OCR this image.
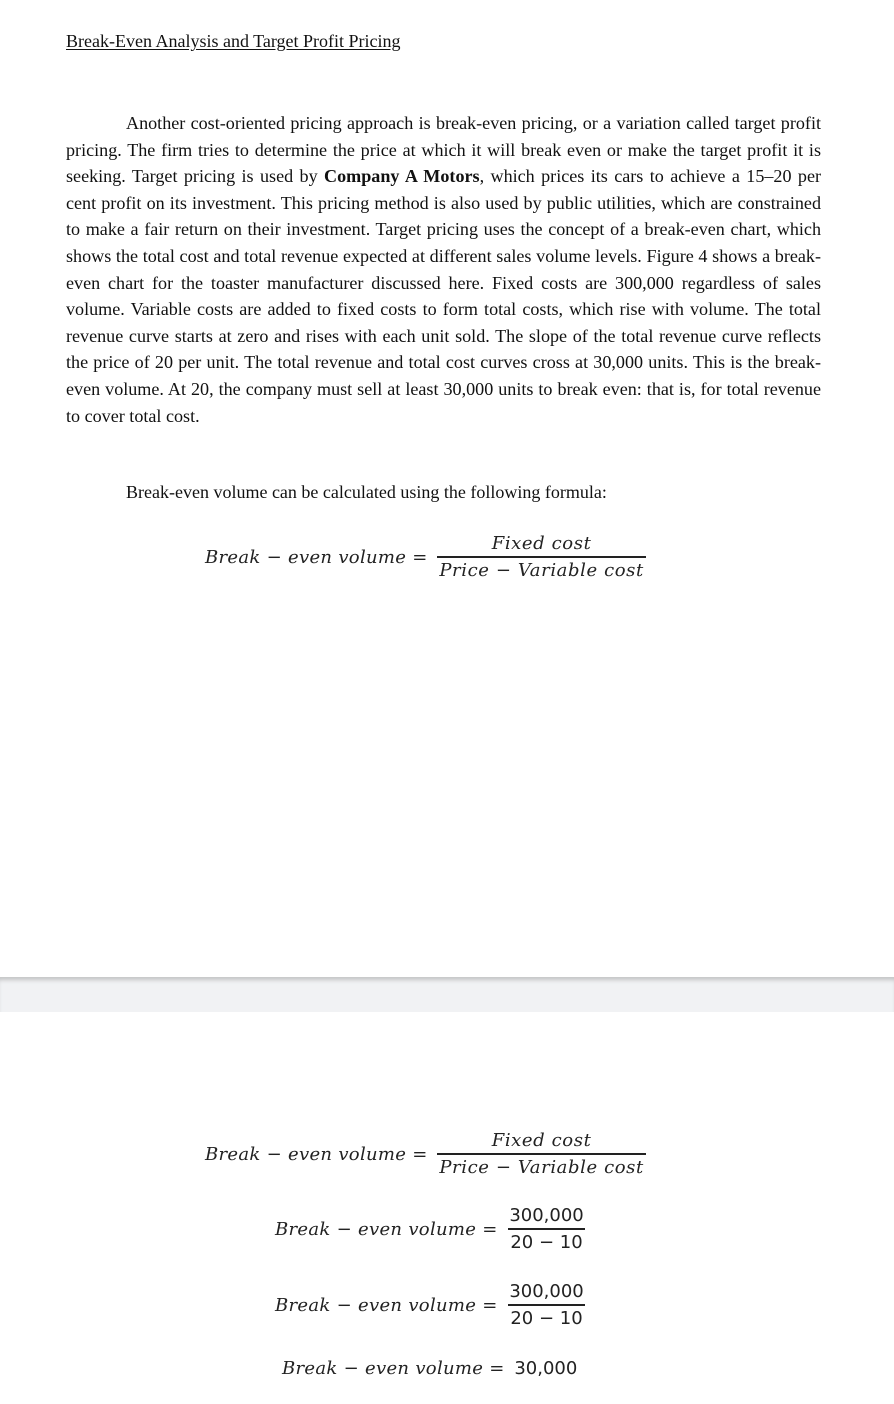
Break-Even Analysis and Target Profit Pricing

Another cost-oriented pricing approach is break-even pricing, or a variation called target profit pricing. The firm tries to determine the price at which it will break even or make the target profit it is seeking. Target pricing is used by Company A Motors, which prices its cars to achieve a 15–20 per cent profit on its investment. This pricing method is also used by public utilities, which are constrained to make a fair return on their investment. Target pricing uses the concept of a break-even chart, which shows the total cost and total revenue expected at different sales volume levels. Figure 4 shows a break-even chart for the toaster manufacturer discussed here. Fixed costs are 300,000 regardless of sales volume. Variable costs are added to fixed costs to form total costs, which rise with volume. The total revenue curve starts at zero and rises with each unit sold. The slope of the total revenue curve reflects the price of 20 per unit. The total revenue and total cost curves cross at 30,000 units. This is the break-even volume. At 20, the company must sell at least 30,000 units to break even: that is, for total revenue to cover total cost.

Break-even volume can be calculated using the following formula:
Break − even volume = $\frac{\text{Fixed cost}}{\text{Price − Variable cost}}$
Break − even volume = $\frac{\text{Fixed cost}}{\text{Price − Variable cost}}$
Break − even volume = $\frac{300,000}{20 - 10}$
Break − even volume = $\frac{300,000}{20 - 10}$
Break − even volume = 30,000
